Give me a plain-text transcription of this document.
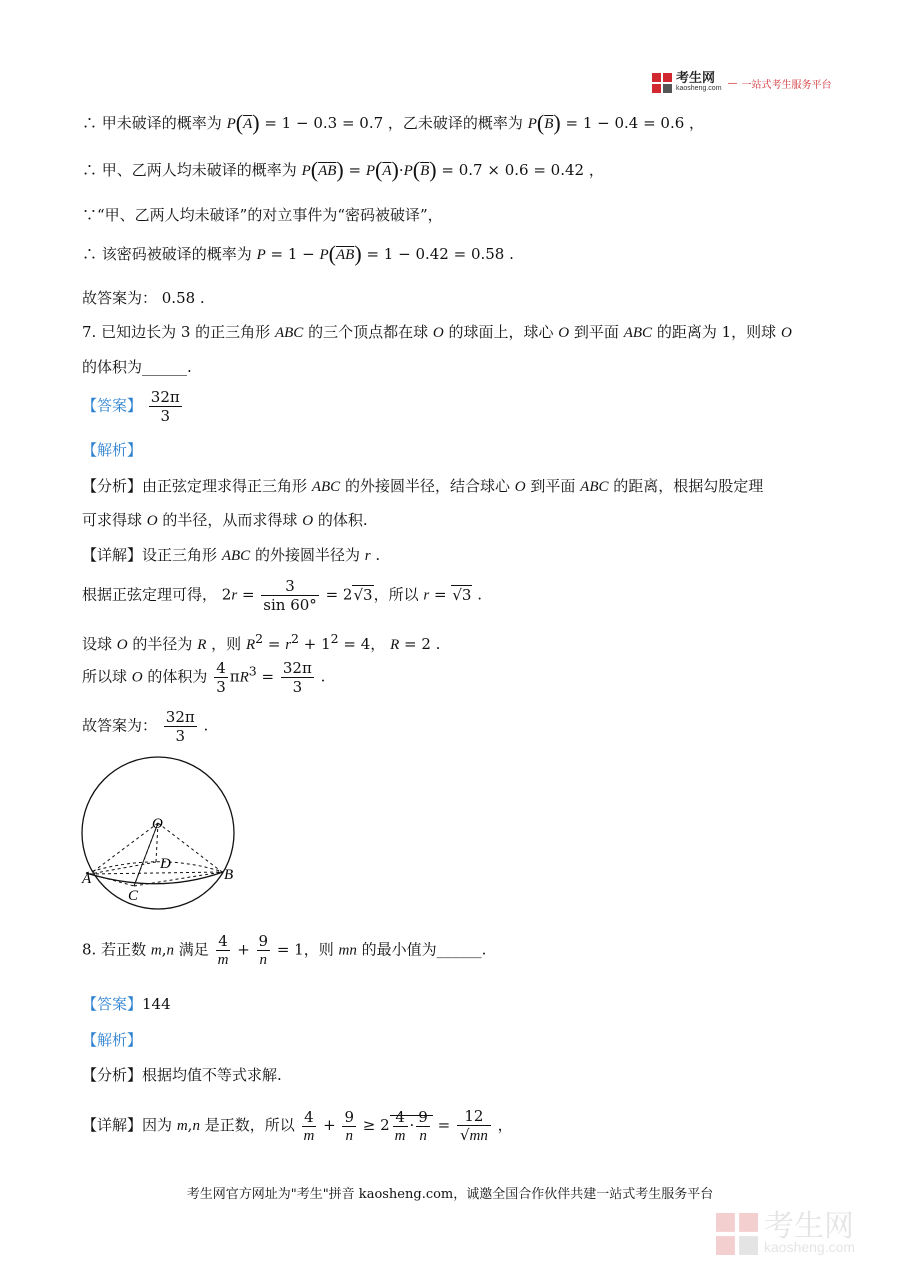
考生网
kaosheng.com — 一站式考生服务平台
∴ 甲未破译的概率为 $P(\overline{A}) = 1 - 0.3 = 0.7$ ，乙未破译的概率为 $P(\overline{B}) = 1 - 0.4 = 0.6$ ，
∴ 甲、乙两人均未破译的概率为 $P(\overline{A}\overline{B}) = P(\overline{A})\cdot P(\overline{B}) = 0.7 \times 0.6 = 0.42$ ，
∵“甲、乙两人均未破译”的对立事件为“密码被破译”，
∴ 该密码被破译的概率为 $P = 1 - P(\overline{A}\overline{B}) = 1 - 0.42 = 0.58$ .
故答案为： 0.58 .
7. 已知边长为 3 的正三角形 ABC 的三个顶点都在球 O 的球面上，球心 O 到平面 ABC 的距离为 1，则球 O
的体积为______.
【答案】 $\frac{32\pi}{3}$
【解析】
【分析】由正弦定理求得正三角形 ABC 的外接圆半径，结合球心 O 到平面 ABC 的距离，根据勾股定理
可求得球 O 的半径，从而求得球 O 的体积.
【详解】设正三角形 ABC 的外接圆半径为 r .
根据正弦定理可得， $2r = \frac{3}{\sin 60^\circ} = 2√3$，所以 r = √3 .
设球 O 的半径为 R ，则 $R^2 = r^2 + 1^2 = 4$， R = 2 .
所以球 O 的体积为 $\frac{4}{3} \pi R^3 = \frac{32\pi}{3}$ .
故答案为： $\frac{32\pi}{3}$ .
O
D
A	B
C
8. 若正数 m,n 满足 $\frac{4}{m} + \frac{9}{n} = 1$，则 mn 的最小值为______.
【答案】144
【解析】
【分析】根据均值不等式求解.
【详解】因为 m,n 是正数，所以 $\frac{4}{m} + \frac{9}{n} \ge 2 \frac{4}{m} \cdot \frac{9}{n} = \frac{12}{√mn}$ ，
考生网官方网址为"考生"拼音 kaosheng.com，诚邀全国合作伙伴共建一站式考生服务平台
考生网
kaosheng.com
